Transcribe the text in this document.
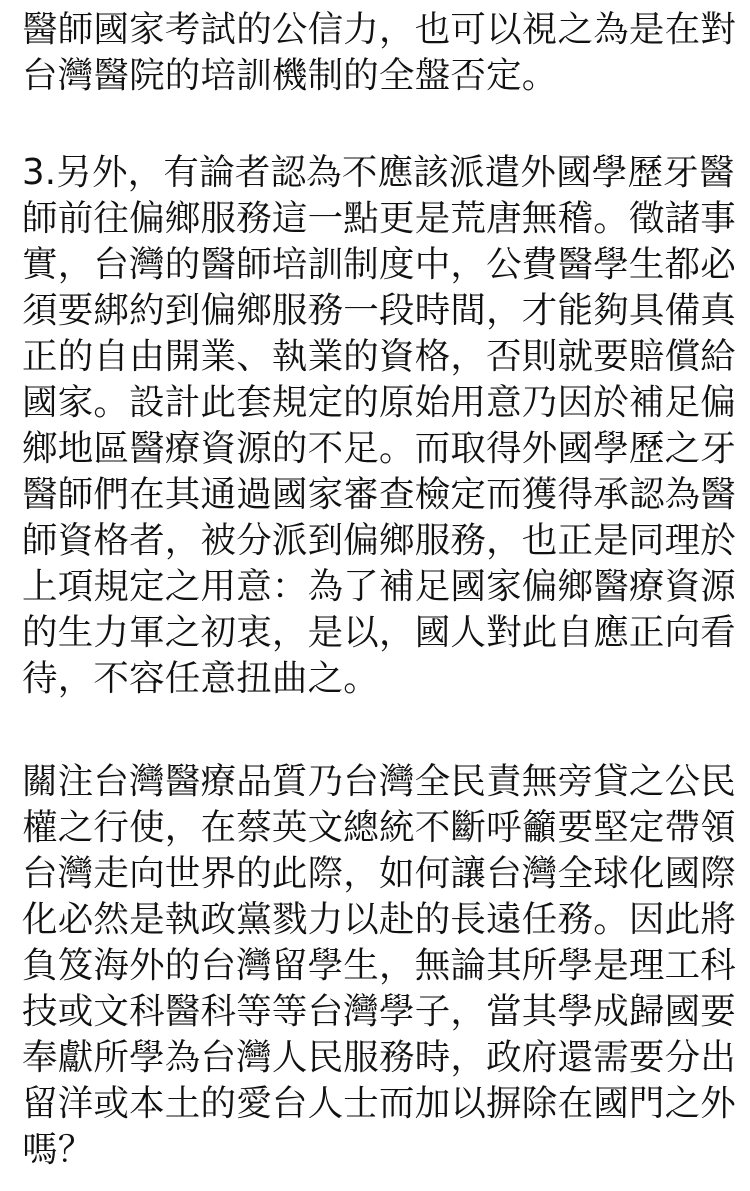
醫師國家考試的公信力，也可以視之為是在對
台灣醫院的培訓機制的全盤否定。
3.另外，有論者認為不應該派遣外國學歷牙醫
師前往偏鄉服務這一點更是荒唐無稽。徵諸事
實，台灣的醫師培訓制度中，公費醫學生都必
須要綁約到偏鄉服務一段時間，才能夠具備真
正的自由開業、執業的資格，否則就要賠償給
國家。設計此套規定的原始用意乃因於補足偏
鄉地區醫療資源的不足。而取得外國學歷之牙
醫師們在其通過國家審查檢定而獲得承認為醫
師資格者，被分派到偏鄉服務，也正是同理於
上項規定之用意：為了補足國家偏鄉醫療資源
的生力軍之初衷，是以，國人對此自應正向看
待，不容任意扭曲之。
關注台灣醫療品質乃台灣全民責無旁貸之公民
權之行使，在蔡英文總統不斷呼籲要堅定帶領
台灣走向世界的此際，如何讓台灣全球化國際
化必然是執政黨戮力以赴的長遠任務。因此將
負笈海外的台灣留學生，無論其所學是理工科
技或文科醫科等等台灣學子，當其學成歸國要
奉獻所學為台灣人民服務時，政府還需要分出
留洋或本土的愛台人士而加以摒除在國門之外
嗎？
